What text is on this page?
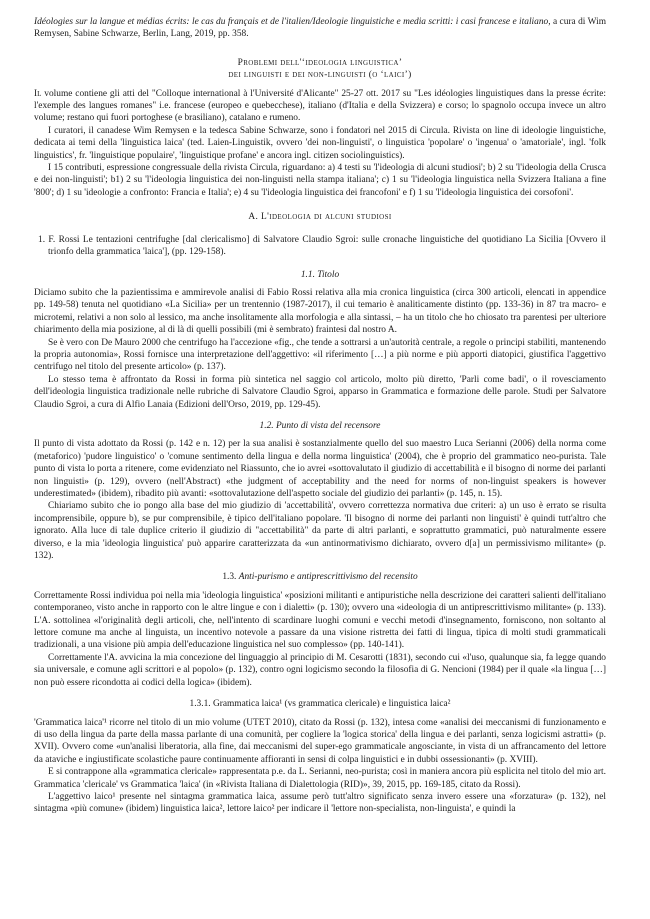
Idéologies sur la langue et médias écrits: le cas du français et de l'italien/Ideologie linguistiche e media scritti: i casi francese e italiano, a cura di Wim Remysen, Sabine Schwarze, Berlin, Lang, 2019, pp. 358.

Problemi dell'‘ideologia linguistica’

dei linguisti e dei non-linguisti (o ‘laici’)

Il volume contiene gli atti del "Colloque international à l'Université d'Alicante" 25-27 ott. 2017 su "Les idéologies linguistiques dans la presse écrite: l'exemple des langues romanes" i.e. francese (europeo e quebecchese), italiano (d'Italia e della Svizzera) e corso; lo spagnolo occupa invece un altro volume; restano qui fuori portoghese (e brasiliano), catalano e rumeno.

I curatori, il canadese Wim Remysen e la tedesca Sabine Schwarze, sono i fondatori nel 2015 di Circula. Rivista on line di ideologie linguistiche, dedicata ai temi della 'linguistica laica' (ted. Laien-Linguistik, ovvero 'dei non-linguisti', o linguistica 'popolare' o 'ingenua' o 'amatoriale', ingl. 'folk linguistics', fr. 'linguistique populaire', 'linguistique profane' e ancora ingl. citizen sociolinguistics).

I 15 contributi, espressione congressuale della rivista Circula, riguardano: a) 4 testi su 'l'ideologia di alcuni studiosi'; b) 2 su 'l'ideologia della Crusca e dei non-linguisti'; b1) 2 su 'l'ideologia linguistica dei non-linguisti nella stampa italiana'; c) 1 su 'l'ideologia linguistica nella Svizzera Italiana a fine '800'; d) 1 su 'ideologie a confronto: Francia e Italia'; e) 4 su 'l'ideologia linguistica dei francofoni' e f) 1 su 'l'ideologia linguistica dei corsofoni'.

A. L'ideologia di alcuni studiosi

1. F. Rossi Le tentazioni centrifughe [dal clericalismo] di Salvatore Claudio Sgroi: sulle cronache linguistiche del quotidiano La Sicilia [Ovvero il trionfo della grammatica 'laica'], (pp. 129-158).

1.1. Titolo

Diciamo subito che la pazientissima e ammirevole analisi di Fabio Rossi relativa alla mia cronica linguistica (circa 300 articoli, elencati in appendice pp. 149-58) tenuta nel quotidiano «La Sicilia» per un trentennio (1987-2017), il cui temario è analiticamente distinto (pp. 133-36) in 87 tra macro- e microtemi, relativi a non solo al lessico, ma anche insolitamente alla morfologia e alla sintassi, – ha un titolo che ho chiosato tra parentesi per ulteriore chiarimento della mia posizione, al di là di quelli possibili (mi è sembrato) fraintesi dal nostro A.

Se è vero con De Mauro 2000 che centrifugo ha l'accezione «fig., che tende a sottrarsi a un'autorità centrale, a regole o principi stabiliti, mantenendo la propria autonomia», Rossi fornisce una interpretazione dell'aggettivo: «il riferimento […] a più norme e più apporti diatopici, giustifica l'aggettivo centrifugo nel titolo del presente articolo» (p. 137).

Lo stesso tema è affrontato da Rossi in forma più sintetica nel saggio col articolo, molto più diretto, 'Parli come badi', o il rovesciamento dell'ideologia linguistica tradizionale nelle rubriche di Salvatore Claudio Sgroi, apparso in Grammatica e formazione delle parole. Studi per Salvatore Claudio Sgroi, a cura di Alfio Lanaia (Edizioni dell'Orso, 2019, pp. 129-45).

1.2. Punto di vista del recensore

Il punto di vista adottato da Rossi (p. 142 e n. 12) per la sua analisi è sostanzialmente quello del suo maestro Luca Serianni (2006) della norma come (metaforico) 'pudore linguistico' o 'comune sentimento della lingua e della norma linguistica' (2004), che è proprio del grammatico neo-purista. Tale punto di vista lo porta a ritenere, come evidenziato nel Riassunto, che io avrei «sottovalutato il giudizio di accettabilità e il bisogno di norme dei parlanti non linguisti» (p. 129), ovvero (nell'Abstract) «the judgment of acceptability and the need for norms of non-linguist speakers is however underestimated» (ibidem), ribadito più avanti: «sottovalutazione dell'aspetto sociale del giudizio dei parlanti» (p. 145, n. 15).

Chiariamo subito che io pongo alla base del mio giudizio di 'accettabilità', ovvero correttezza normativa due criteri: a) un uso è errato se risulta incomprensibile, oppure b), se pur comprensibile, è tipico dell'italiano popolare. 'Il bisogno di norme dei parlanti non linguisti' è quindi tutt'altro che ignorato. Alla luce di tale duplice criterio il giudizio di "accettabilità" da parte di altri parlanti, e soprattutto grammatici, può naturalmente essere diverso, e la mia 'ideologia linguistica' può apparire caratterizzata da «un antinormativismo dichiarato, ovvero d[a] un permissivismo militante» (p. 132).

1.3. Anti-purismo e antiprescrittivismo del recensito

Correttamente Rossi individua poi nella mia 'ideologia linguistica' «posizioni militanti e antipuristiche nella descrizione dei caratteri salienti dell'italiano contemporaneo, visto anche in rapporto con le altre lingue e con i dialetti» (p. 130); ovvero una «ideologia di un antiprescrittivismo militante» (p. 133). L'A. sottolinea «l'originalità degli articoli, che, nell'intento di scardinare luoghi comuni e vecchi metodi d'insegnamento, forniscono, non soltanto al lettore comune ma anche al linguista, un incentivo notevole a passare da una visione ristretta dei fatti di lingua, tipica di molti studi grammaticali tradizionali, a una visione più ampia dell'educazione linguistica nel suo complesso» (pp. 140-141).

Correttamente l'A. avvicina la mia concezione del linguaggio al principio di M. Cesarotti (1831), secondo cui «l'uso, qualunque sia, fa legge quando sia universale, e comune agli scrittori e al popolo» (p. 132), contro ogni logicismo secondo la filosofia di G. Nencioni (1984) per il quale «la lingua […] non può essere ricondotta ai codici della logica» (ibidem).

1.3.1. Grammatica laica¹ (vs grammatica clericale) e linguistica laica²

'Grammatica laica'¹ ricorre nel titolo di un mio volume (UTET 2010), citato da Rossi (p. 132), intesa come «analisi dei meccanismi di funzionamento e di uso della lingua da parte della massa parlante di una comunità, per cogliere la 'logica storica' della lingua e dei parlanti, senza logicismi astratti» (p. XVII). Ovvero come «un'analisi liberatoria, alla fine, dai meccanismi del super-ego grammaticale angosciante, in vista di un affrancamento del lettore da ataviche e ingiustificate scolastiche paure continuamente affioranti in sensi di colpa linguistici e in dubbi ossessionanti» (p. XVIII).

E si contrappone alla «grammatica clericale» rappresentata p.e. da L. Serianni, neo-purista; così in maniera ancora più esplicita nel titolo del mio art. Grammatica 'clericale' vs Grammatica 'laica' (in «Rivista Italiana di Dialettologia (RID)», 39, 2015, pp. 169-185, citato da Rossi).

L'aggettivo laico¹ presente nel sintagma grammatica laica, assume però tutt'altro significato senza invero essere una «forzatura» (p. 132), nel sintagma «più comune» (ibidem) linguistica laica², lettore laico² per indicare il 'lettore non-specialista, non-linguista', e quindi la
